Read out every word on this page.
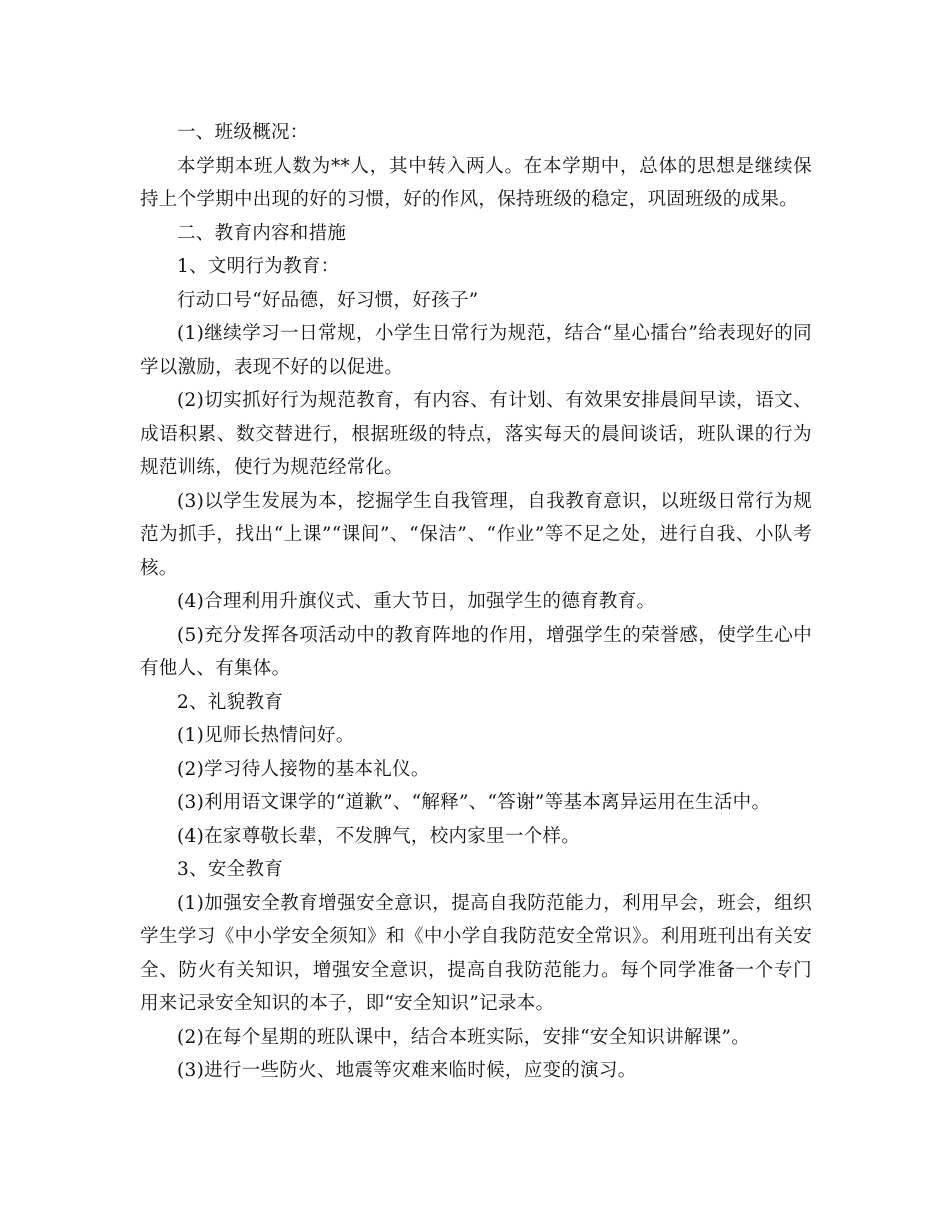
一、班级概况：

本学期本班人数为**人，其中转入两人。在本学期中，总体的思想是继续保持上个学期中出现的好的习惯，好的作风，保持班级的稳定，巩固班级的成果。

二、教育内容和措施

1、文明行为教育：

行动口号“好品德，好习惯，好孩子”

(1)继续学习一日常规，小学生日常行为规范，结合“星心擂台”给表现好的同学以激励，表现不好的以促进。

(2)切实抓好行为规范教育，有内容、有计划、有效果安排晨间早读，语文、成语积累、数交替进行，根据班级的特点，落实每天的晨间谈话，班队课的行为规范训练，使行为规范经常化。

(3)以学生发展为本，挖掘学生自我管理，自我教育意识，以班级日常行为规范为抓手，找出“上课”“课间”、“保洁”、“作业”等不足之处，进行自我、小队考核。

(4)合理利用升旗仪式、重大节日，加强学生的德育教育。

(5)充分发挥各项活动中的教育阵地的作用，增强学生的荣誉感，使学生心中有他人、有集体。

2、礼貌教育

(1)见师长热情问好。

(2)学习待人接物的基本礼仪。

(3)利用语文课学的“道歉”、“解释”、“答谢”等基本离异运用在生活中。

(4)在家尊敬长辈，不发脾气，校内家里一个样。

3、安全教育

(1)加强安全教育增强安全意识，提高自我防范能力，利用早会，班会，组织学生学习《中小学安全须知》和《中小学自我防范安全常识》。利用班刊出有关安全、防火有关知识，增强安全意识，提高自我防范能力。每个同学准备一个专门用来记录安全知识的本子，即“安全知识”记录本。

(2)在每个星期的班队课中，结合本班实际，安排“安全知识讲解课”。

(3)进行一些防火、地震等灾难来临时候，应变的演习。
